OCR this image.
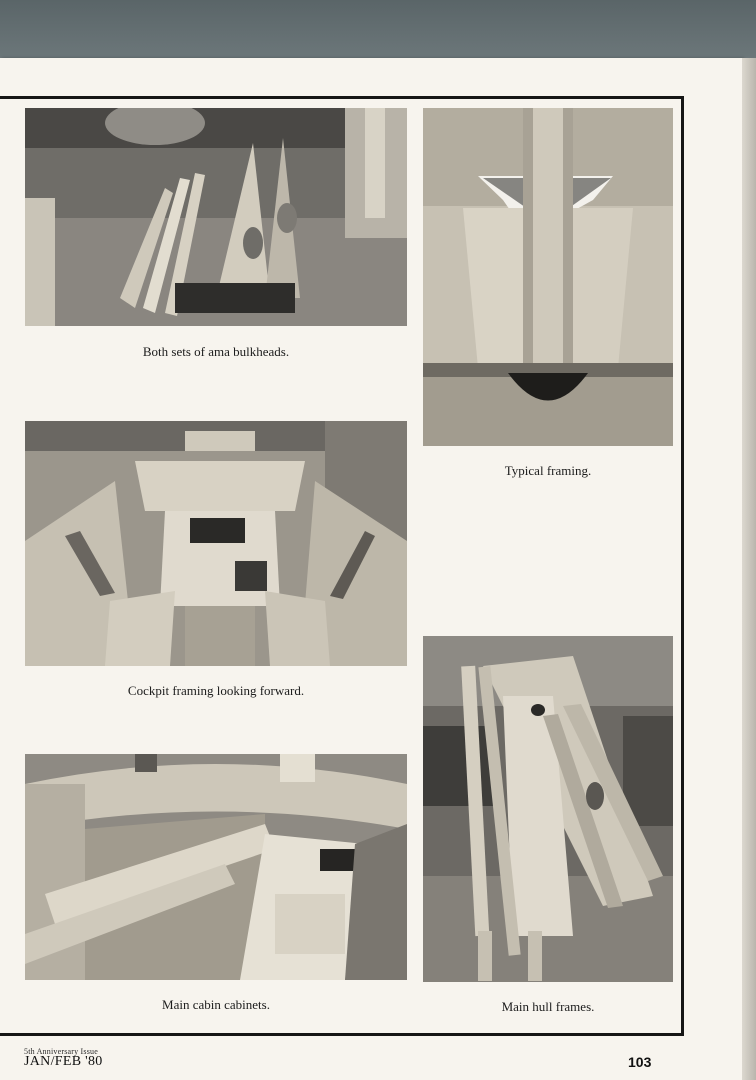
Both sets of ama bulkheads.
Typical framing.
Cockpit framing looking forward.
Main hull frames.
Main cabin cabinets.
5th Anniversary Issue
JAN/FEB '80	103
